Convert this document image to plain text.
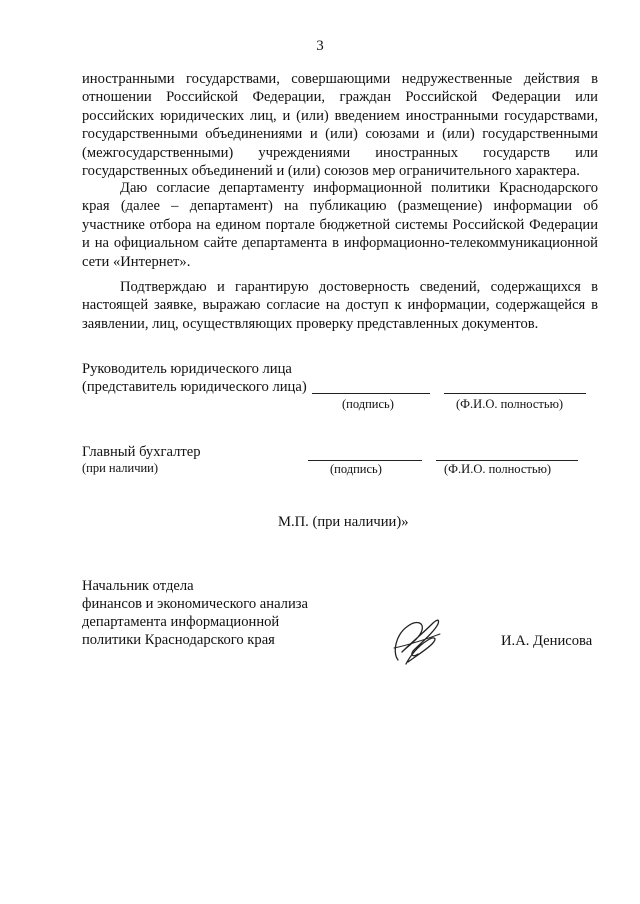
3

иностранными государствами, совершающими недружественные действия в отношении Российской Федерации, граждан Российской Федерации или российских юридических лиц, и (или) введением иностранными государствами, государственными объединениями и (или) союзами и (или) государственными (межгосударственными) учреждениями иностранных государств или государственных объединений и (или) союзов мер ограничительного характера.

Даю согласие департаменту информационной политики Краснодарского края (далее – департамент) на публикацию (размещение) информации об участнике отбора на едином портале бюджетной системы Российской Федерации и на официальном сайте департамента в информационно-телекоммуникационной сети «Интернет».

Подтверждаю и гарантирую достоверность сведений, содержащихся в настоящей заявке, выражаю согласие на доступ к информации, содержащейся в заявлении, лиц, осуществляющих проверку представленных документов.

Руководитель юридического лица
(представитель юридического лица)
(подпись)	(Ф.И.О. полностью)
Главный бухгалтер
(при наличии)	(подпись)	(Ф.И.О. полностью)
М.П. (при наличии)»
Начальник отдела
финансов и экономического анализа
департамента информационной
политики Краснодарского края	И.А. Денисова
